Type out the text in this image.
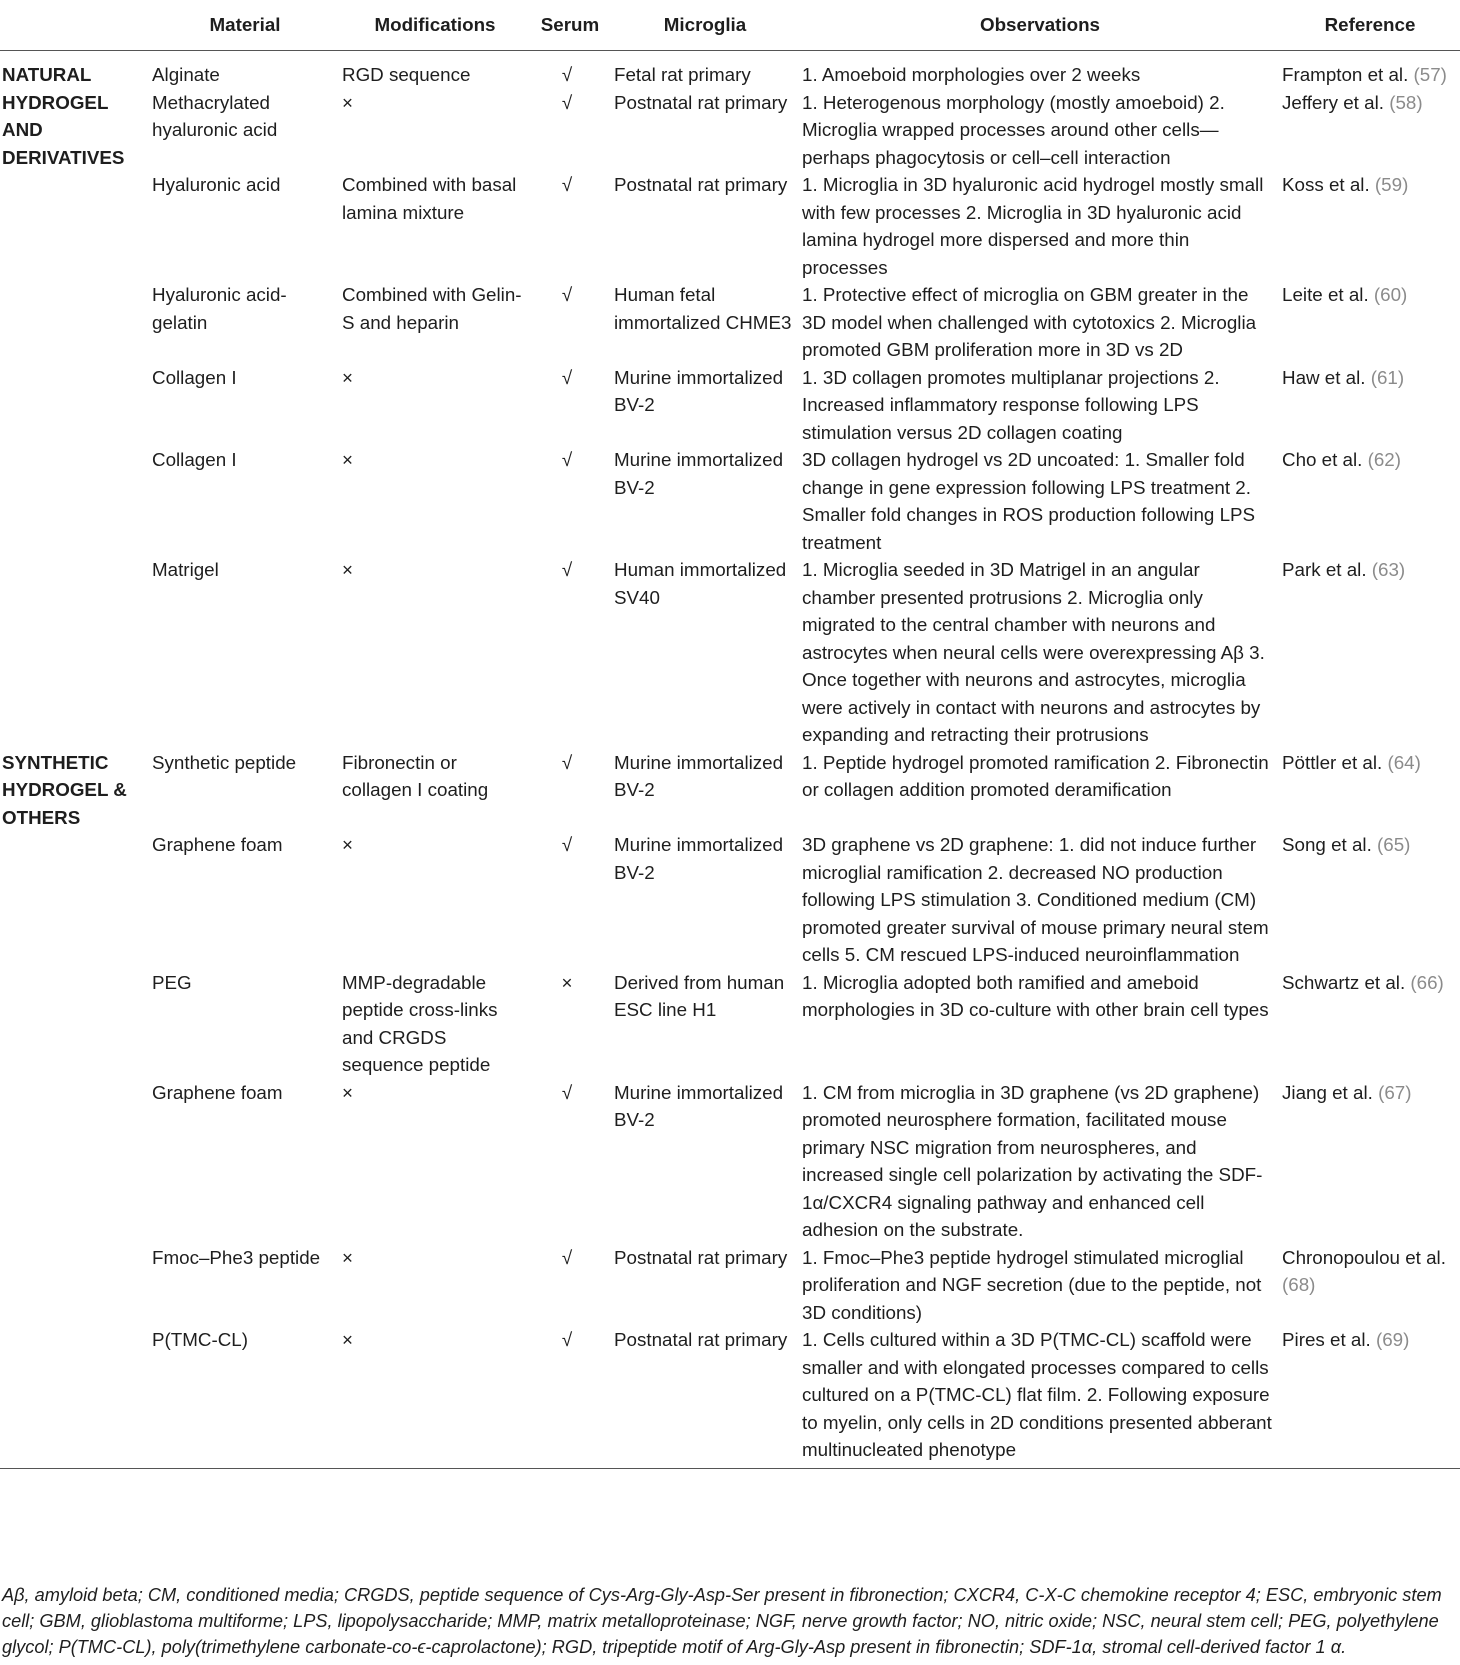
	Material	Modifications	Serum	Microglia	Observations	Reference
NATURAL HYDROGEL AND DERIVATIVES	Alginate	RGD sequence	√	Fetal rat primary	1. Amoeboid morphologies over 2 weeks	Frampton et al. (57)
	Methacrylated hyaluronic acid	×	√	Postnatal rat primary	1. Heterogenous morphology (mostly amoeboid) 2. Microglia wrapped processes around other cells—perhaps phagocytosis or cell–cell interaction	Jeffery et al. (58)
	Hyaluronic acid	Combined with basal lamina mixture	√	Postnatal rat primary	1. Microglia in 3D hyaluronic acid hydrogel mostly small with few processes 2. Microglia in 3D hyaluronic acid lamina hydrogel more dispersed and more thin processes	Koss et al. (59)
	Hyaluronic acid-gelatin	Combined with Gelin-S and heparin	√	Human fetal immortalized CHME3	1. Protective effect of microglia on GBM greater in the 3D model when challenged with cytotoxics 2. Microglia promoted GBM proliferation more in 3D vs 2D	Leite et al. (60)
	Collagen I	×	√	Murine immortalized BV-2	1. 3D collagen promotes multiplanar projections 2. Increased inflammatory response following LPS stimulation versus 2D collagen coating	Haw et al. (61)
	Collagen I	×	√	Murine immortalized BV-2	3D collagen hydrogel vs 2D uncoated: 1. Smaller fold change in gene expression following LPS treatment 2. Smaller fold changes in ROS production following LPS treatment	Cho et al. (62)
	Matrigel	×	√	Human immortalized SV40	1. Microglia seeded in 3D Matrigel in an angular chamber presented protrusions 2. Microglia only migrated to the central chamber with neurons and astrocytes when neural cells were overexpressing Aβ 3. Once together with neurons and astrocytes, microglia were actively in contact with neurons and astrocytes by expanding and retracting their protrusions	Park et al. (63)
SYNTHETIC HYDROGEL & OTHERS	Synthetic peptide	Fibronectin or collagen I coating	√	Murine immortalized BV-2	1. Peptide hydrogel promoted ramification 2. Fibronectin or collagen addition promoted deramification	Pöttler et al. (64)
	Graphene foam	×	√	Murine immortalized BV-2	3D graphene vs 2D graphene: 1. did not induce further microglial ramification 2. decreased NO production following LPS stimulation 3. Conditioned medium (CM) promoted greater survival of mouse primary neural stem cells 5. CM rescued LPS-induced neuroinflammation	Song et al. (65)
	PEG	MMP-degradable peptide cross-links and CRGDS sequence peptide	×	Derived from human ESC line H1	1. Microglia adopted both ramified and ameboid morphologies in 3D co-culture with other brain cell types	Schwartz et al. (66)
	Graphene foam	×	√	Murine immortalized BV-2	1. CM from microglia in 3D graphene (vs 2D graphene) promoted neurosphere formation, facilitated mouse primary NSC migration from neurospheres, and increased single cell polarization by activating the SDF-1α/CXCR4 signaling pathway and enhanced cell adhesion on the substrate.	Jiang et al. (67)
	Fmoc–Phe3 peptide	×	√	Postnatal rat primary	1. Fmoc–Phe3 peptide hydrogel stimulated microglial proliferation and NGF secretion (due to the peptide, not 3D conditions)	Chronopoulou et al. (68)
	P(TMC-CL)	×	√	Postnatal rat primary	1. Cells cultured within a 3D P(TMC-CL) scaffold were smaller and with elongated processes compared to cells cultured on a P(TMC-CL) flat film. 2. Following exposure to myelin, only cells in 2D conditions presented abberant multinucleated phenotype	Pires et al. (69)
Aβ, amyloid beta; CM, conditioned media; CRGDS, peptide sequence of Cys-Arg-Gly-Asp-Ser present in fibronection; CXCR4, C-X-C chemokine receptor 4; ESC, embryonic stem cell; GBM, glioblastoma multiforme; LPS, lipopolysaccharide; MMP, matrix metalloproteinase; NGF, nerve growth factor; NO, nitric oxide; NSC, neural stem cell; PEG, polyethylene glycol; P(TMC-CL), poly(trimethylene carbonate-co-ϵ-caprolactone); RGD, tripeptide motif of Arg-Gly-Asp present in fibronectin; SDF-1α, stromal cell-derived factor 1 α.
